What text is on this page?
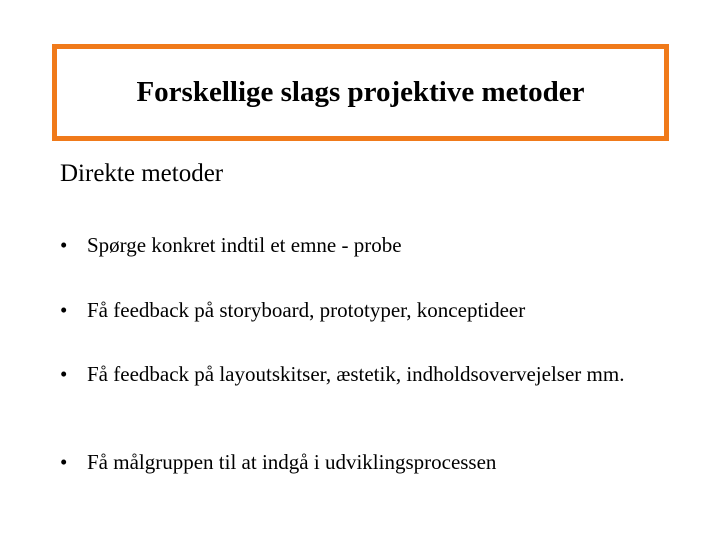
Forskellige slags projektive metoder
Direkte metoder
• Spørge konkret indtil et emne - probe
• Få feedback på storyboard, prototyper, konceptideer
• Få feedback på layoutskitser, æstetik, indholdsovervejelser mm.
• Få målgruppen til at indgå i udviklingsprocessen
